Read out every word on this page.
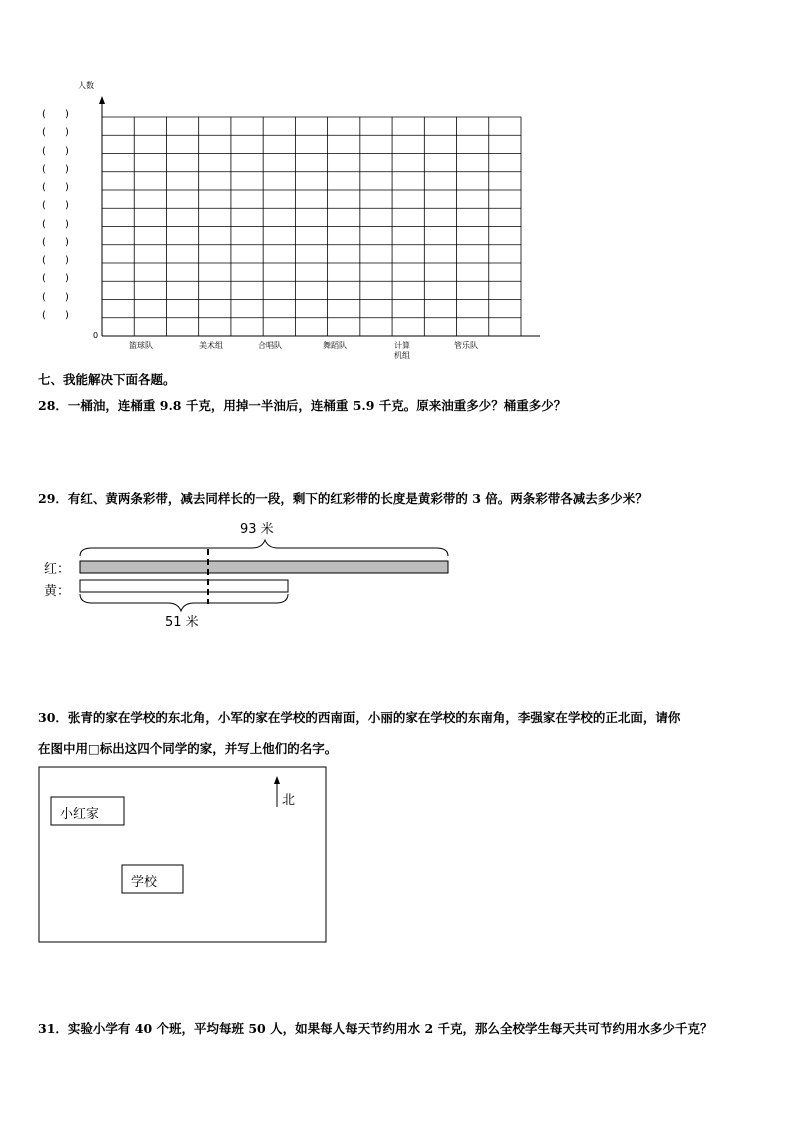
人数
0
(      )
(      )
(      )
(      )
(      )
(      )
(      )
(      )
(      )
(      )
(      )
(      )
篮球队	美术组	合唱队	舞蹈队	计算
机组
管乐队
七、我能解决下面各题。
28．一桶油，连桶重 9.8 千克，用掉一半油后，连桶重 5.9 千克。原来油重多少？桶重多少？
29．有红、黄两条彩带，减去同样长的一段，剩下的红彩带的长度是黄彩带的 3 倍。两条彩带各减去多少米？
红：
黄：
93 米
51 米
30．张青的家在学校的东北角，小军的家在学校的西南面，小丽的家在学校的东南角，李强家在学校的正北面，请你
在图中用□标出这四个同学的家，并写上他们的名字。
北
小红家
学校
31．实验小学有 40 个班，平均每班 50 人，如果每人每天节约用水 2 千克，那么全校学生每天共可节约用水多少千克？
